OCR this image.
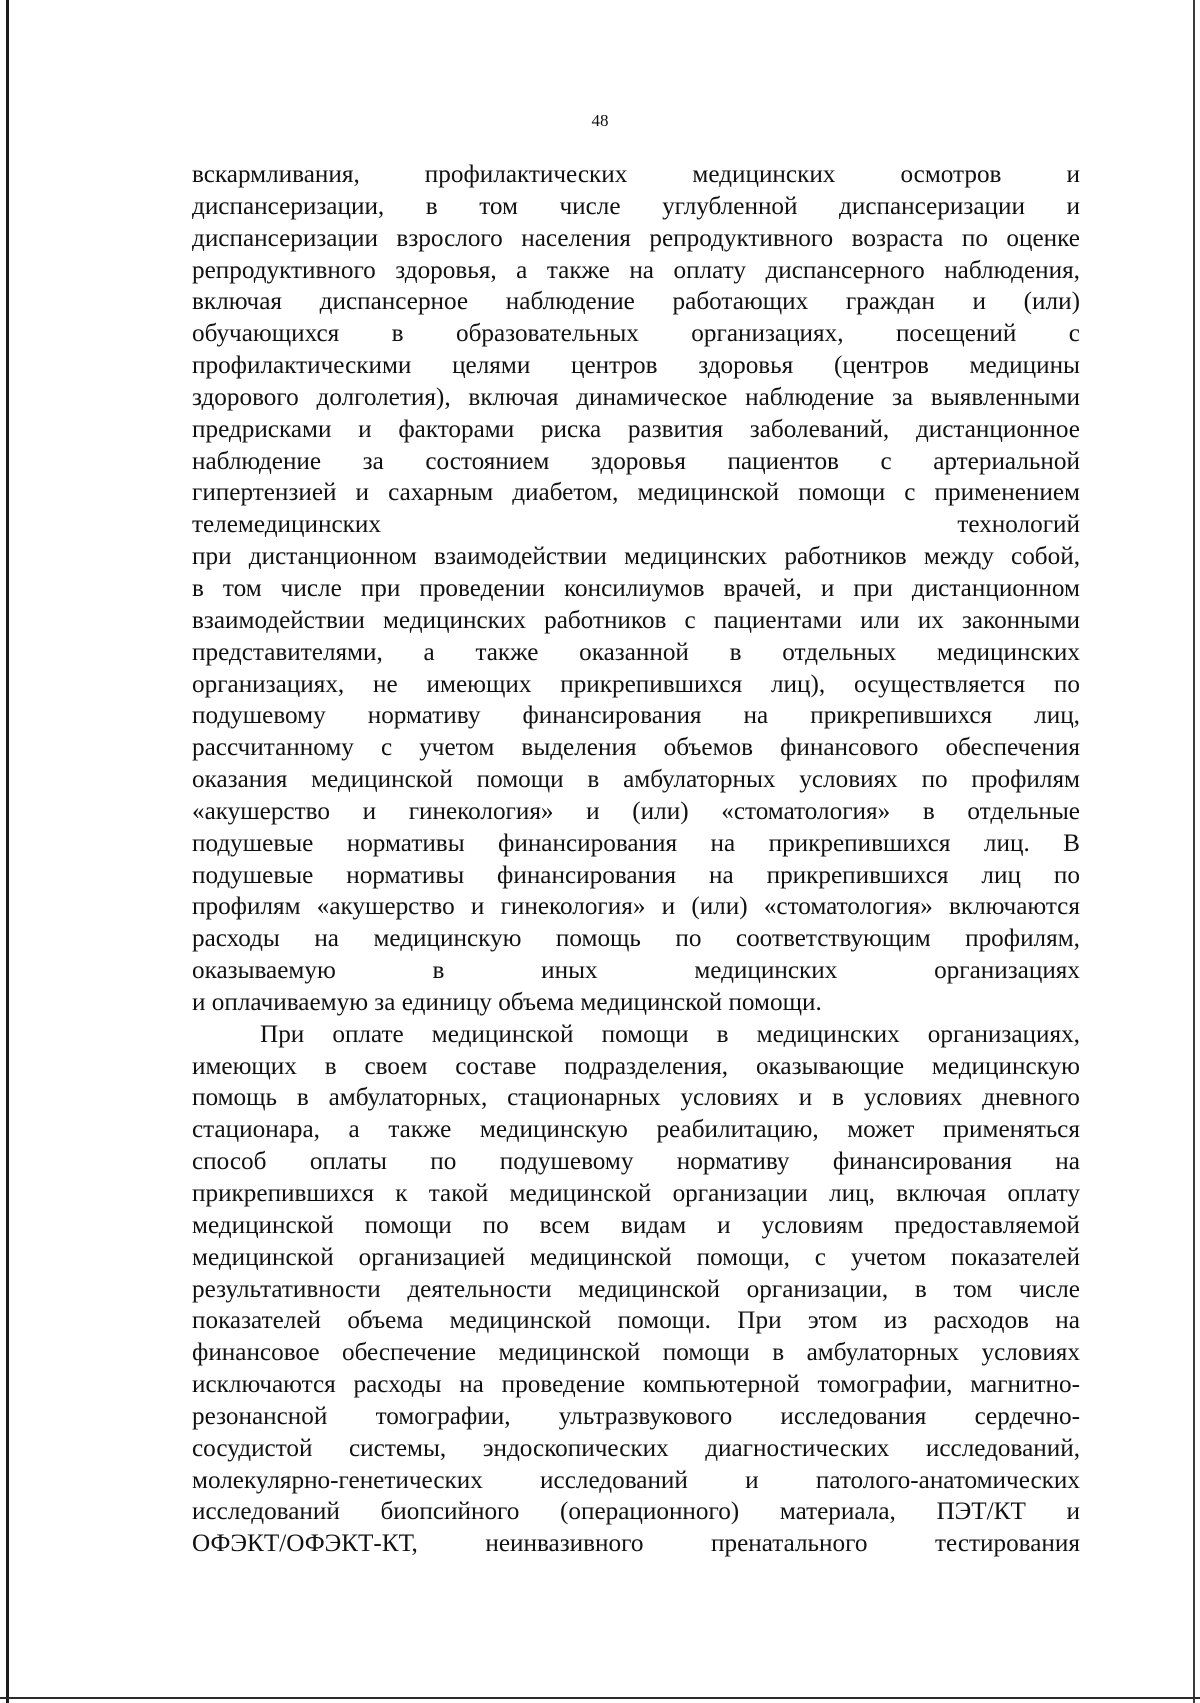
48
вскармливания,	профилактических	медицинских	осмотров	и
диспансеризации, в том числе углубленной диспансеризации и
диспансеризации взрослого населения репродуктивного возраста по оценке
репродуктивного здоровья, а также на оплату диспансерного наблюдения,
включая диспансерное наблюдение работающих граждан и (или)
обучающихся в образовательных организациях, посещений с
профилактическими целями центров здоровья (центров медицины
здорового долголетия), включая динамическое наблюдение за выявленными
предрисками и факторами риска развития заболеваний, дистанционное
наблюдение за состоянием здоровья пациентов с артериальной
гипертензией и сахарным диабетом, медицинской помощи с применением
телемедицинских	технологий
при дистанционном взаимодействии медицинских работников между собой,
в том числе при проведении консилиумов врачей, и при дистанционном
взаимодействии медицинских работников с пациентами или их законными
представителями, а также оказанной в отдельных медицинских
организациях, не имеющих прикрепившихся лиц), осуществляется по
подушевому нормативу финансирования на прикрепившихся лиц,
рассчитанному с учетом выделения объемов финансового обеспечения
оказания медицинской помощи в амбулаторных условиях по профилям
«акушерство и гинекология» и (или) «стоматология» в отдельные
подушевые нормативы финансирования на прикрепившихся лиц. В
подушевые нормативы финансирования на прикрепившихся лиц по
профилям «акушерство и гинекология» и (или) «стоматология» включаются
расходы на медицинскую помощь по соответствующим профилям,
оказываемую	в	иных	медицинских	организациях
и оплачиваемую за единицу объема медицинской помощи.
При оплате медицинской помощи в медицинских организациях,
имеющих в своем составе подразделения, оказывающие медицинскую
помощь в амбулаторных, стационарных условиях и в условиях дневного
стационара, а также медицинскую реабилитацию, может применяться
способ оплаты по подушевому нормативу финансирования на
прикрепившихся к такой медицинской организации лиц, включая оплату
медицинской помощи по всем видам и условиям предоставляемой
медицинской организацией медицинской помощи, с учетом показателей
результативности деятельности медицинской организации, в том числе
показателей объема медицинской помощи. При этом из расходов на
финансовое обеспечение медицинской помощи в амбулаторных условиях
исключаются расходы на проведение компьютерной томографии, магнитно-
резонансной томографии, ультразвукового исследования сердечно-
сосудистой системы, эндоскопических диагностических исследований,
молекулярно-генетических исследований и патолого-анатомических
исследований биопсийного (операционного) материала, ПЭТ/КТ и
ОФЭКТ/ОФЭКТ-КТ,	неинвазивного	пренатального	тестирования
